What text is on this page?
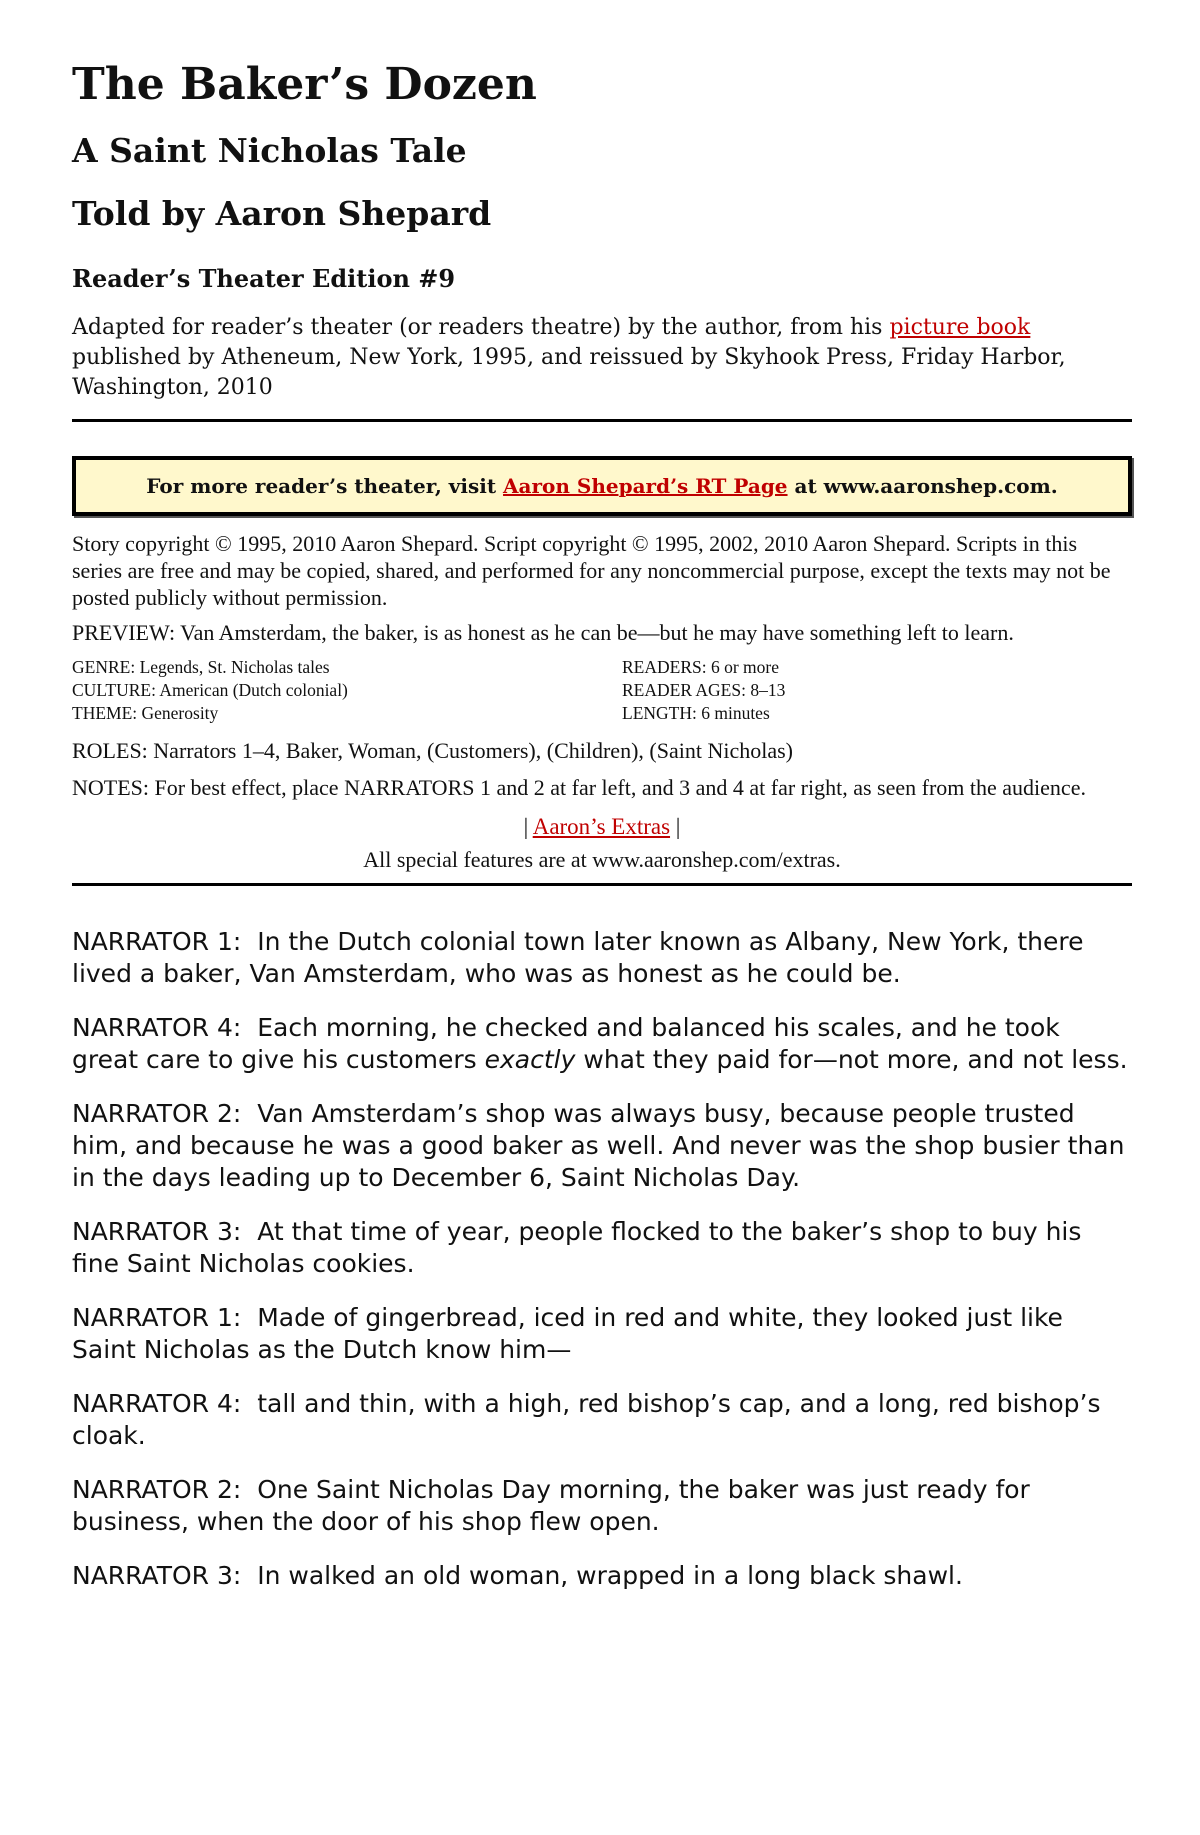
The Baker’s Dozen
A Saint Nicholas Tale
Told by Aaron Shepard
Reader’s Theater Edition #9

Adapted for reader’s theater (or readers theatre) by the author, from his picture book published by Atheneum, New York, 1995, and reissued by Skyhook Press, Friday Harbor, Washington, 2010

For more reader’s theater, visit
Aaron Shepard’s RT Page
at www.aaronshep.com.

Story copyright © 1995, 2010 Aaron Shepard. Script copyright © 1995, 2002, 2010 Aaron Shepard. Scripts in this series are free and may be copied, shared, and performed for any noncommercial purpose, except the texts may not be posted publicly without permission.

PREVIEW: Van Amsterdam, the baker, is as honest as he can be—but he may have something left to learn.

GENRE: Legends, St. Nicholas tales	READERS: 6 or more
CULTURE: American (Dutch colonial)	READER AGES: 8–13
THEME: Generosity	LENGTH: 6 minutes

ROLES: Narrators 1–4, Baker, Woman, (Customers), (Children), (Saint Nicholas)

NOTES: For best effect, place NARRATORS 1 and 2 at far left, and 3 and 4 at far right, as seen from the audience.

| Aaron’s Extras |

All special features are at www.aaronshep.com/extras.

NARRATOR 1: In the Dutch colonial town later known as Albany, New York, there lived a baker, Van Amsterdam, who was as honest as he could be.

NARRATOR 4: Each morning, he checked and balanced his scales, and he took great care to give his customers exactly what they paid for—not more, and not less.

NARRATOR 2: Van Amsterdam’s shop was always busy, because people trusted him, and because he was a good baker as well. And never was the shop busier than in the days leading up to December 6, Saint Nicholas Day.

NARRATOR 3: At that time of year, people flocked to the baker’s shop to buy his fine Saint Nicholas cookies.

NARRATOR 1: Made of gingerbread, iced in red and white, they looked just like Saint Nicholas as the Dutch know him—

NARRATOR 4: tall and thin, with a high, red bishop’s cap, and a long, red bishop’s cloak.

NARRATOR 2: One Saint Nicholas Day morning, the baker was just ready for business, when the door of his shop flew open.

NARRATOR 3: In walked an old woman, wrapped in a long black shawl.
